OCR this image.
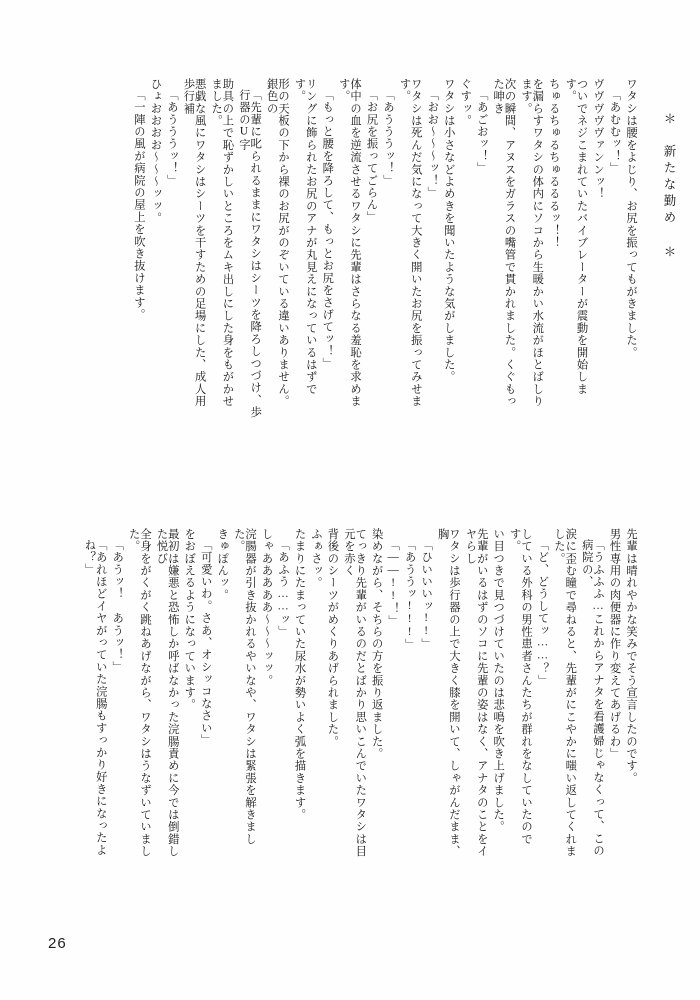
＊ 新たな勤め ＊
「一陣の風が病院の屋上を吹き抜けます。 ひょおおおお～～～ッッ。 「あうううッ！」	悪戯な風にワタシはシーツを干すための足場にした、成人用歩行補	助具の上で恥ずかしいところをムキ出しにした身をもがかせました。	「先輩に叱られるままにワタシはシーツを降ろしつづけ、歩行器のU字	形の天板の下から裸のお尻がのぞいている違いありません。銀色の	リングに飾られたお尻のアナが丸見えになっているはずです。	「もっと腰を降ろして、もっとお尻をさげてッ！」	体中の血を逆流させるワタシに先輩はさらなる羞恥を求めます。	「お尻を振ってごらん」 「あうううッ！」	ワタシは死んだ気になって大きく開いたお尻を振ってみせます。	「おお～～～ッ！」 ワタシは小さなどよめきを聞いたような気がしました。 ぐすッ。 「あごおッ！」	次の瞬間、アヌスをガラスの嘴管で貫かれました。くぐもった呻き	を漏らすワタシの体内にソコから生暖かい水流がほとばしります。	ちゅるちゅるちゅるるるッ！！	ついでネジこまれていたバイブレーターが震動を開始します。	ヴヴヴヴヴァンンッ！ 「あむむッ！」 ワタシは腰をよじり、お尻を振ってもがきました。
「あれほどイヤがっていた浣腸もすっかり好きになったよね？」	「あうッ！　あうッ！」	全身をがくがく跳ねあげながら、ワタシはうなずいていました。	最初は嫌悪と恐怖しか呼ばなかった浣腸責めに今では倒錯した悦び	をおぼえるようになっています。 「可愛いわ。さあ、オシッコなさい」 きゅぽんッ。	浣腸器が引き抜かれるやいなや、ワタシは緊張を解きました。	しゃあああああ～～～ッッ。 「あふう……ッ」 たまりにたまっていた尿水が勢いよく弧を描きます。 ふぁさッ。 背後のシーツがめくりあげられました。	てっきり先輩がいるのだとばかり思いこんでいたワタシは目元を赤く	染めながら、そちらの方を振り返ました。 「――!!！」 「あううッ!!!」 「ひいいいッ!!」	ワタシは歩行器の上で大きく膝を開いて、しゃがんだまま、胸	先輩がいるはずのソコに先輩の姿はなく、アナタのことをイヤらし	い目つきで見つづけていたのは悲鳴を吹き上げました。	している外科の男性患者さんたちが群れをなしていたのです。	「ど、どうしてッ……？」	涙に歪む瞳で尋ねると、先輩がにこやかに嗤い返してくれました。	「うふふふ…これからアナタを看護婦じゃなくって、この病院の、	男性専用の肉便器に作り変えてあげるわ」 先輩は晴れやかな笑みでそう宣言したのです。
26
